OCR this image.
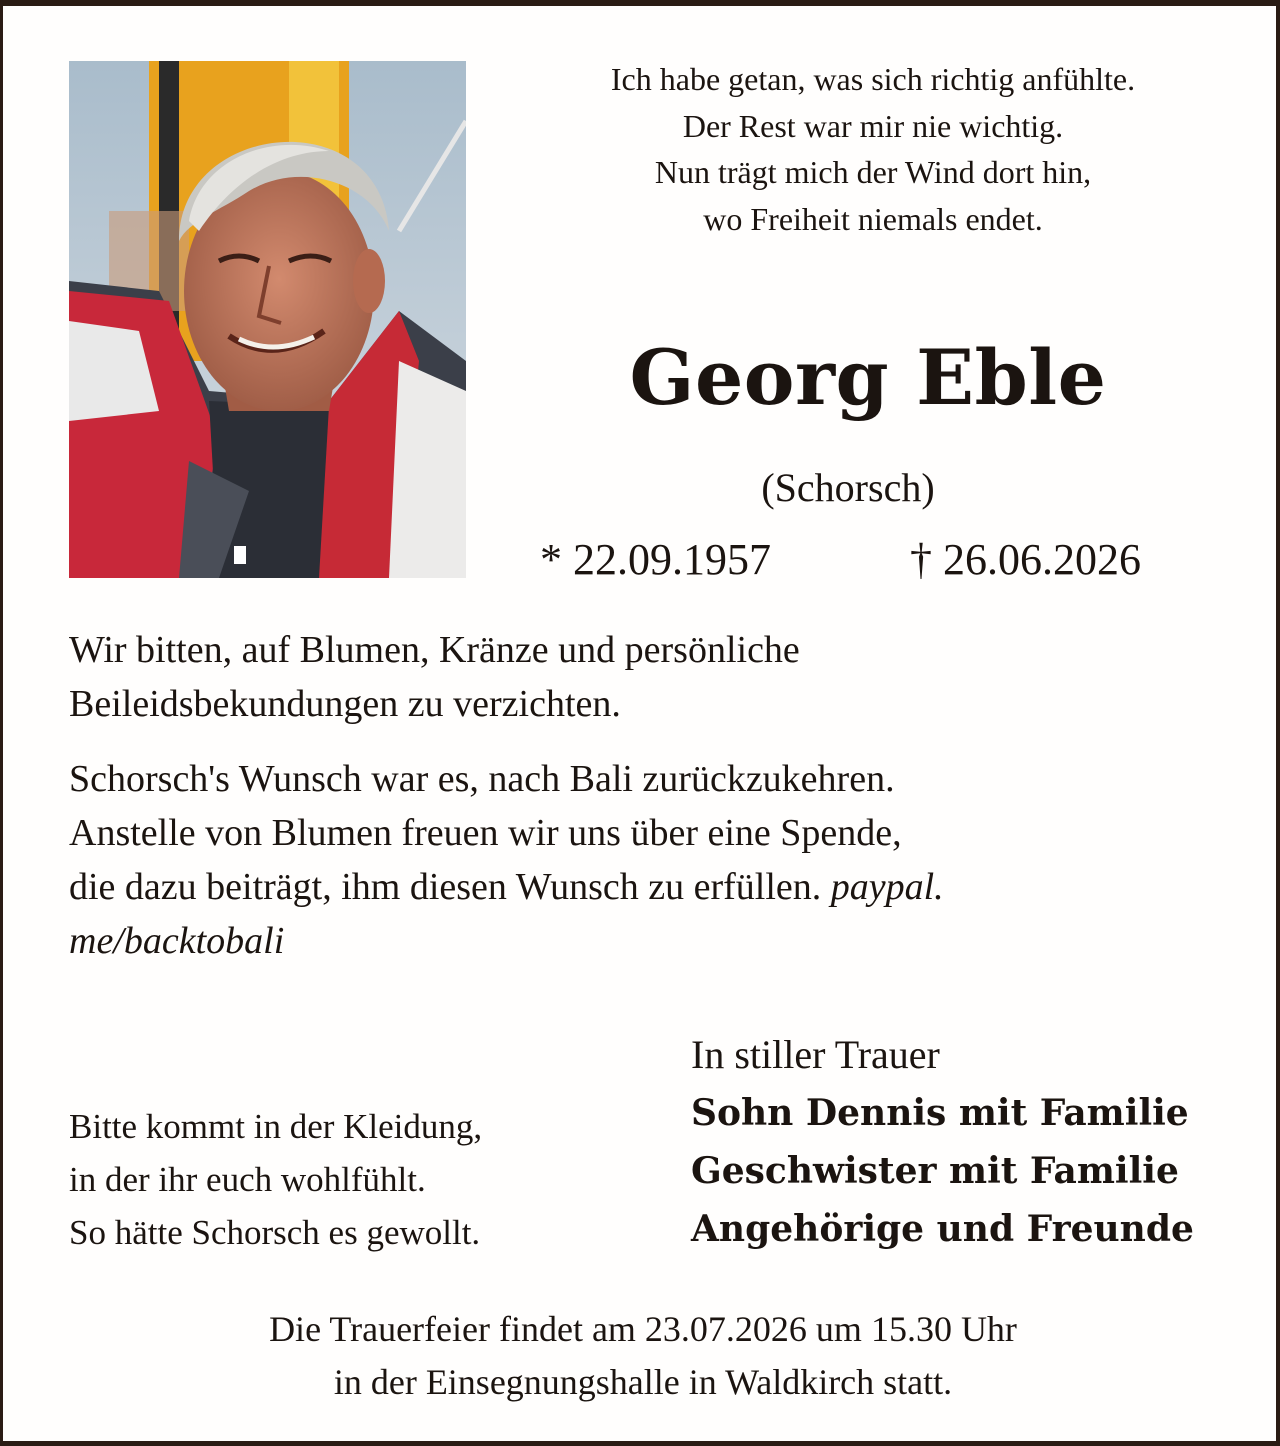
Ich habe getan, was sich richtig anfühlte.
Der Rest war mir nie wichtig.
Nun trägt mich der Wind dort hin,
wo Freiheit niemals endet.
Georg Eble
(Schorsch)
* 22.09.1957	† 26.06.2026
Wir bitten, auf Blumen, Kränze und persönliche
Beileidsbekundungen zu verzichten.
Schorsch's Wunsch war es, nach Bali zurückzukehren.
Anstelle von Blumen freuen wir uns über eine Spende,
die dazu beiträgt, ihm diesen Wunsch zu erfüllen. paypal.
me/backtobali
Bitte kommt in der Kleidung,
in der ihr euch wohlfühlt.
So hätte Schorsch es gewollt.
In stiller Trauer
Sohn Dennis mit Familie
Geschwister mit Familie
Angehörige und Freunde
Die Trauerfeier findet am 23.07.2026 um 15.30 Uhr
in der Einsegnungshalle in Waldkirch statt.
